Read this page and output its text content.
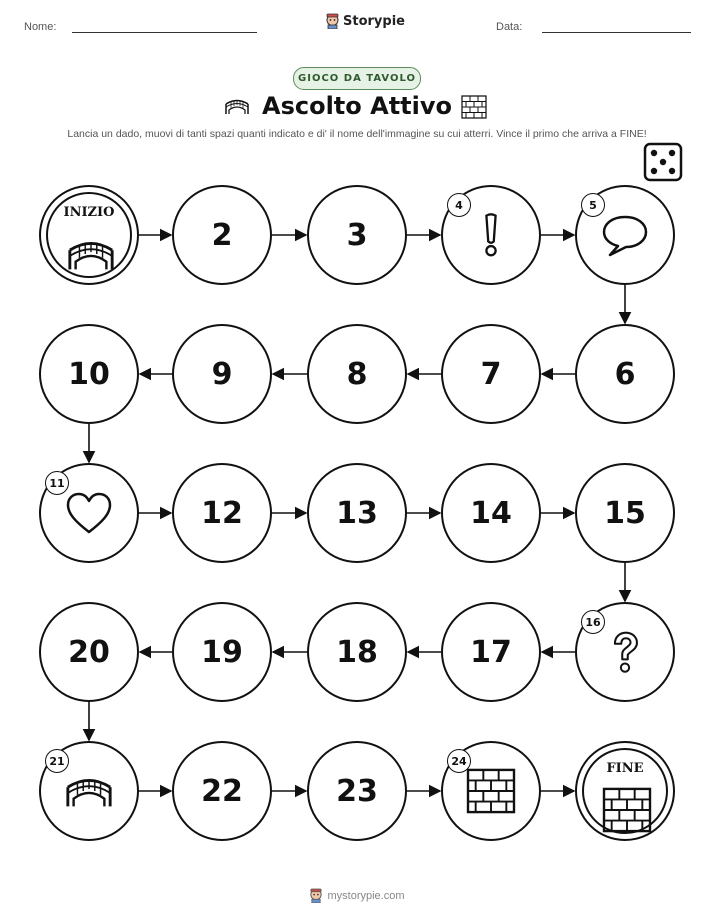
Nome:	Storypie	Data:
GIOCO DA TAVOLO
Ascolto Attivo
Lancia un dado, muovi di tanti spazi quanti indicato e di' il nome dell'immagine su cui atterri. Vince il primo che arriva a FINE!
INIZIO
2	3
4	5
6
7
8
9
10
11
12	13	14	15
16
17
18
19
20
21
22	23
24	FINE
mystorypie.com
